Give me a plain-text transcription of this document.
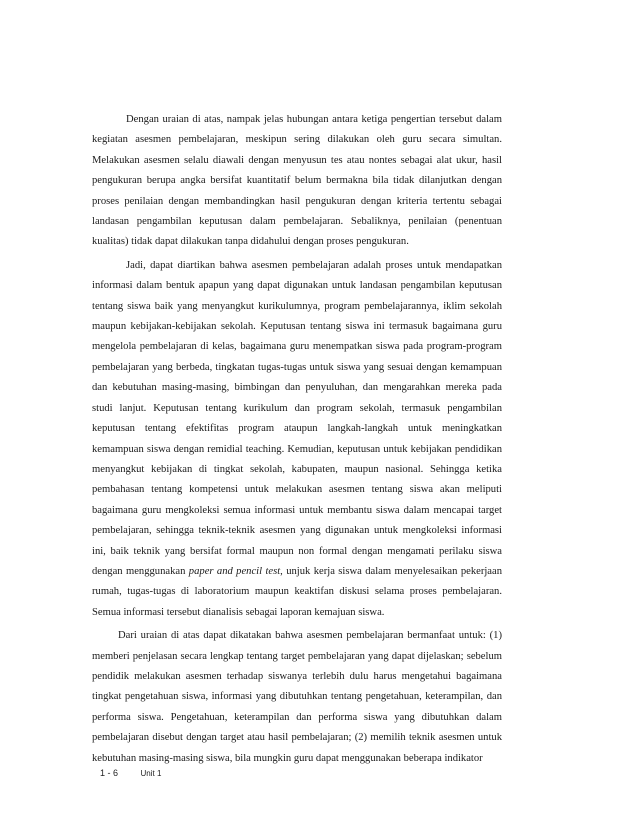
Dengan uraian di atas, nampak jelas hubungan antara ketiga pengertian tersebut dalam kegiatan asesmen pembelajaran, meskipun sering dilakukan oleh guru secara simultan. Melakukan asesmen selalu diawali dengan menyusun tes atau nontes sebagai alat ukur, hasil pengukuran berupa angka bersifat kuantitatif belum bermakna bila tidak dilanjutkan dengan proses penilaian dengan membandingkan hasil pengukuran dengan kriteria tertentu sebagai landasan pengambilan keputusan dalam pembelajaran. Sebaliknya, penilaian (penentuan kualitas) tidak dapat dilakukan tanpa didahului dengan proses pengukuran.

Jadi, dapat diartikan bahwa asesmen pembelajaran adalah proses untuk mendapatkan informasi dalam bentuk apapun yang dapat digunakan untuk landasan pengambilan keputusan tentang siswa baik yang menyangkut kurikulumnya, program pembelajarannya, iklim sekolah maupun kebijakan-kebijakan sekolah. Keputusan tentang siswa ini termasuk bagaimana guru mengelola pembelajaran di kelas, bagaimana guru menempatkan siswa pada program-program pembelajaran yang berbeda, tingkatan tugas-tugas untuk siswa yang sesuai dengan kemampuan dan kebutuhan masing-masing, bimbingan dan penyuluhan, dan mengarahkan mereka pada studi lanjut. Keputusan tentang kurikulum dan program sekolah, termasuk pengambilan keputusan tentang efektifitas program ataupun langkah-langkah untuk meningkatkan kemampuan siswa dengan remidial teaching. Kemudian, keputusan untuk kebijakan pendidikan menyangkut kebijakan di tingkat sekolah, kabupaten, maupun nasional. Sehingga ketika pembahasan tentang kompetensi untuk melakukan asesmen tentang siswa akan meliputi bagaimana guru mengkoleksi semua informasi untuk membantu siswa dalam mencapai target pembelajaran, sehingga teknik-teknik asesmen yang digunakan untuk mengkoleksi informasi ini, baik teknik yang bersifat formal maupun non formal dengan mengamati perilaku siswa dengan menggunakan paper and pencil test, unjuk kerja siswa dalam menyelesaikan pekerjaan rumah, tugas-tugas di laboratorium maupun keaktifan diskusi selama proses pembelajaran. Semua informasi tersebut dianalisis sebagai laporan kemajuan siswa.

Dari uraian di atas dapat dikatakan bahwa asesmen pembelajaran bermanfaat untuk: (1) memberi penjelasan secara lengkap tentang target pembelajaran yang dapat dijelaskan; sebelum pendidik melakukan asesmen terhadap siswanya terlebih dulu harus mengetahui bagaimana tingkat pengetahuan siswa, informasi yang dibutuhkan tentang pengetahuan, keterampilan, dan performa siswa. Pengetahuan, keterampilan dan performa siswa yang dibutuhkan dalam pembelajaran disebut dengan target atau hasil pembelajaran; (2) memilih teknik asesmen untuk kebutuhan masing-masing siswa, bila mungkin guru dapat menggunakan beberapa indikator

1 - 6	Unit 1
